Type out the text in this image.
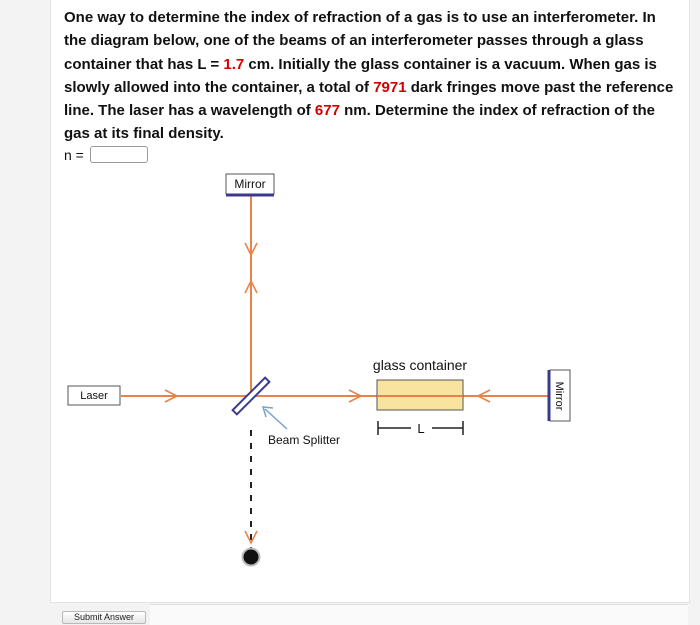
One way to determine the index of refraction of a gas is to use an interferometer. In the diagram below, one of the beams of an interferometer passes through a glass container that has L = 1.7 cm. Initially the glass container is a vacuum. When gas is slowly allowed into the container, a total of 7971 dark fringes move past the reference line. The laser has a wavelength of 677 nm. Determine the index of refraction of the gas at its final density.
n =
Mirror
Laser
Beam Splitter
glass container
L
Mirror
Submit Answer
